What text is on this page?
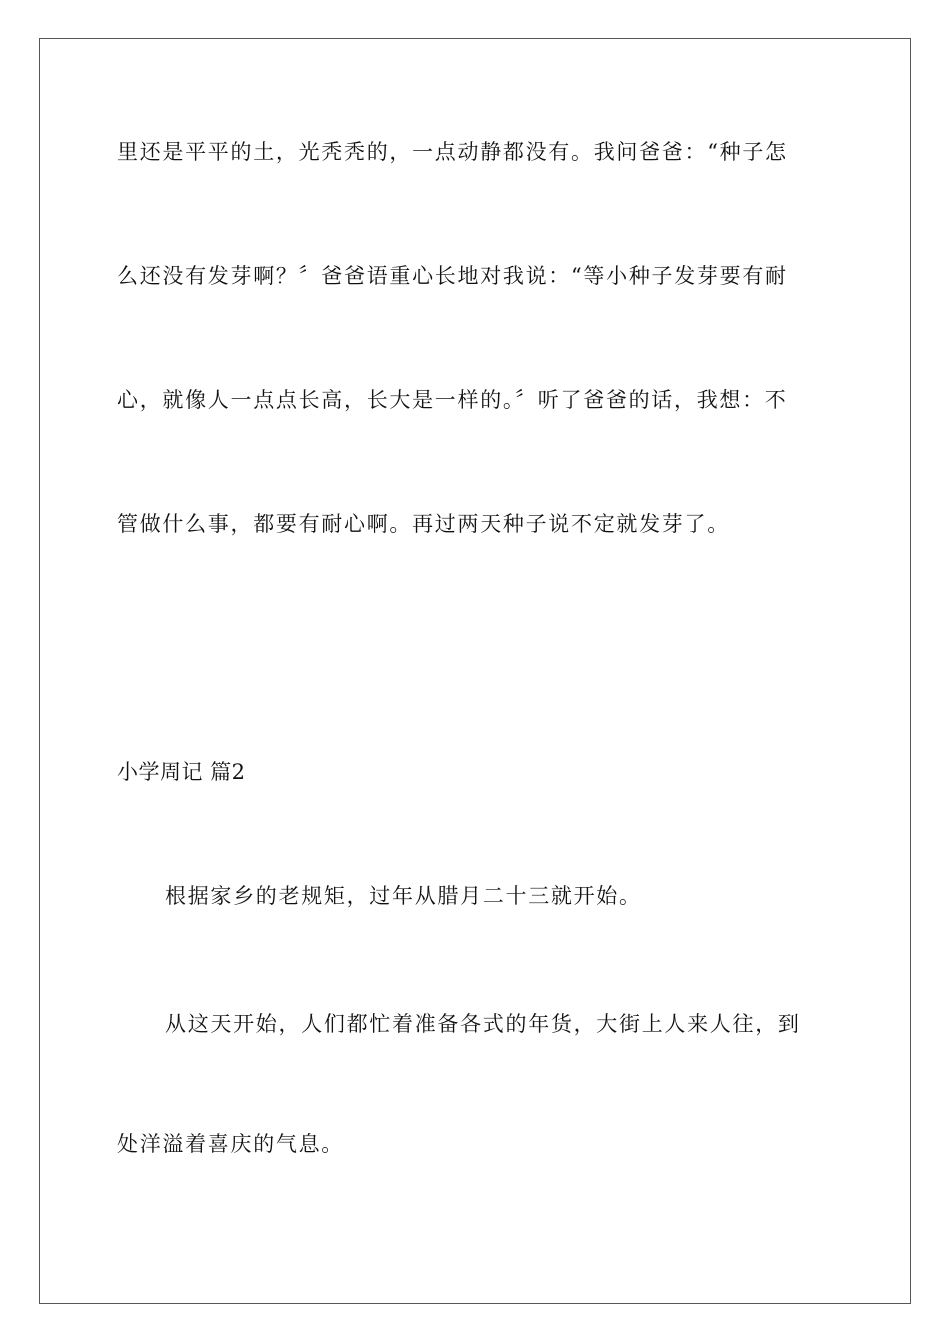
里还是平平的土，光秃秃的，一点动静都没有。我问爸爸：“种子怎
么还没有发芽啊？〞爸爸语重心长地对我说：“等小种子发芽要有耐
心，就像人一点点长高，长大是一样的。〞听了爸爸的话，我想：不
管做什么事，都要有耐心啊。再过两天种子说不定就发芽了。
小学周记 篇2
根据家乡的老规矩，过年从腊月二十三就开始。
从这天开始，人们都忙着准备各式的年货，大街上人来人往，到
处洋溢着喜庆的气息。
